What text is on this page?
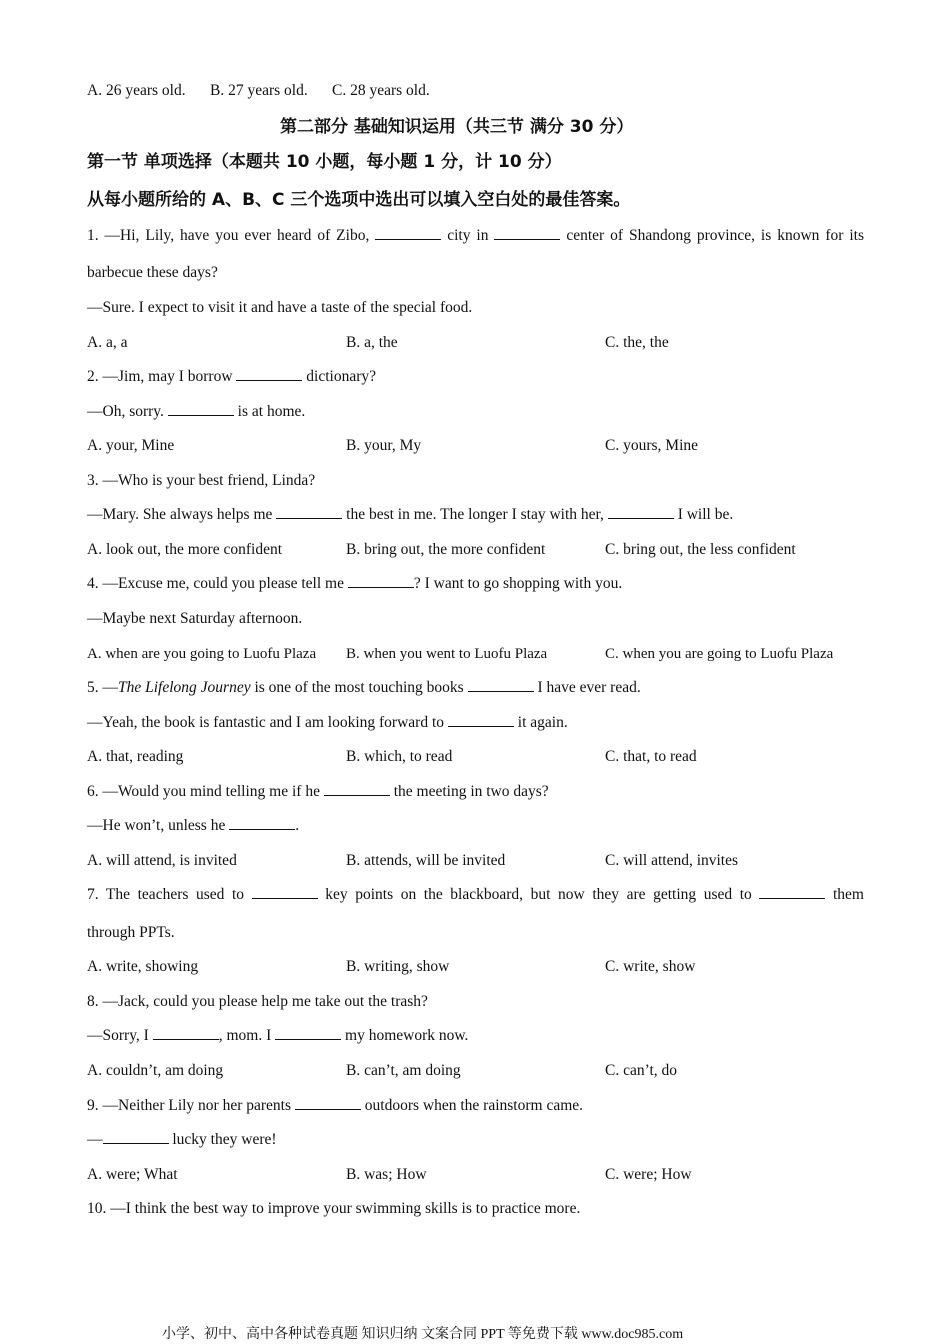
A. 26 years old. B. 27 years old. C. 28 years old.
第二部分 基础知识运用（共三节 满分 30 分）
第一节 单项选择（本题共 10 小题，每小题 1 分，计 10 分）
从每小题所给的 A、B、C 三个选项中选出可以填入空白处的最佳答案。
1. —Hi, Lily, have you ever heard of Zibo,	city in	center of Shandong province, is known for its
barbecue these days?
—Sure. I expect to visit it and have a taste of the special food.
A. a, a	B. a, the	C. the, the
2. —Jim, may I borrow	dictionary?
—Oh, sorry.	is at home.
A. your, Mine	B. your, My	C. yours, Mine
3. —Who is your best friend, Linda?
—Mary. She always helps me	the best in me. The longer I stay with her,	I will be.
A. look out, the more confident	B. bring out, the more confident	C. bring out, the less confident
4. —Excuse me, could you please tell me	? I want to go shopping with you.
—Maybe next Saturday afternoon.
A. when are you going to Luofu Plaza B. when you went to Luofu Plaza	C. when you are going to Luofu Plaza
5. —The Lifelong Journey is one of the most touching books	I have ever read.
—Yeah, the book is fantastic and I am looking forward to	it again.
A. that, reading	B. which, to read	C. that, to read
6. —Would you mind telling me if he	the meeting in two days?
—He won’t, unless he	.
A. will attend, is invited	B. attends, will be invited	C. will attend, invites
7. The teachers used to	key points on the blackboard, but now they are getting used to	them
through PPTs.
A. write, showing	B. writing, show	C. write, show
8. —Jack, could you please help me take out the trash?
—Sorry, I	, mom. I	my homework now.
A. couldn’t, am doing	B. can’t, am doing	C. can’t, do
9. —Neither Lily nor her parents	outdoors when the rainstorm came.
—	lucky they were!
A. were; What	B. was; How	C. were; How
10. —I think the best way to improve your swimming skills is to practice more.
小学、初中、高中各种试卷真题 知识归纳 文案合同 PPT 等免费下载 www.doc985.com
